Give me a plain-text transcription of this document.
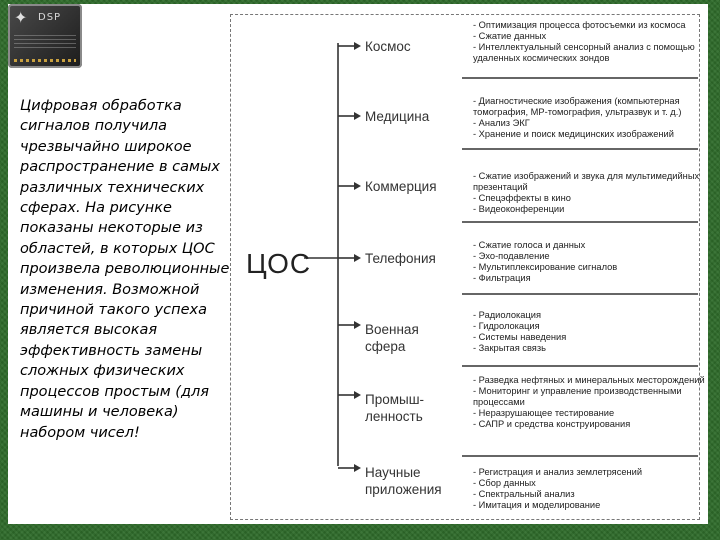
✦	DSP

Цифровая обработка сигналов получила чрезвычайно широкое распространение в самых различных технических сферах. На рисунке показаны некоторые из областей, в которых ЦОС произвела революционные изменения. Возможной причиной такого успеха является высокая эффективность замены сложных физических процессов простым (для машины и человека) набором чисел!

ЦОС
Космос
- Оптимизация процесса фотосъемки из космоса
- Сжатие данных
- Интеллектуальный сенсорный анализ с помощью удаленных космических зондов
Медицина
- Диагностические изображения (компьютерная томография, МР-томография, ультразвук и т. д.)
- Анализ ЭКГ
- Хранение и поиск медицинских изображений
Коммерция
- Сжатие изображений и звука для мультимедийных презентаций
- Спецэффекты в кино
- Видеоконференции
Телефония
- Сжатие голоса и данных
- Эхо-подавление
- Мультиплексирование сигналов
- Фильтрация
Военная сфера
- Радиолокация
- Гидролокация
- Системы наведения
- Закрытая связь
Промыш-ленность
- Разведка нефтяных и минеральных месторождений
- Мониторинг и управление производственными процессами
- Неразрушающее тестирование
- САПР и средства конструирования
Научные приложения
- Регистрация и анализ землетрясений
- Сбор данных
- Спектральный анализ
- Имитация и моделирование
